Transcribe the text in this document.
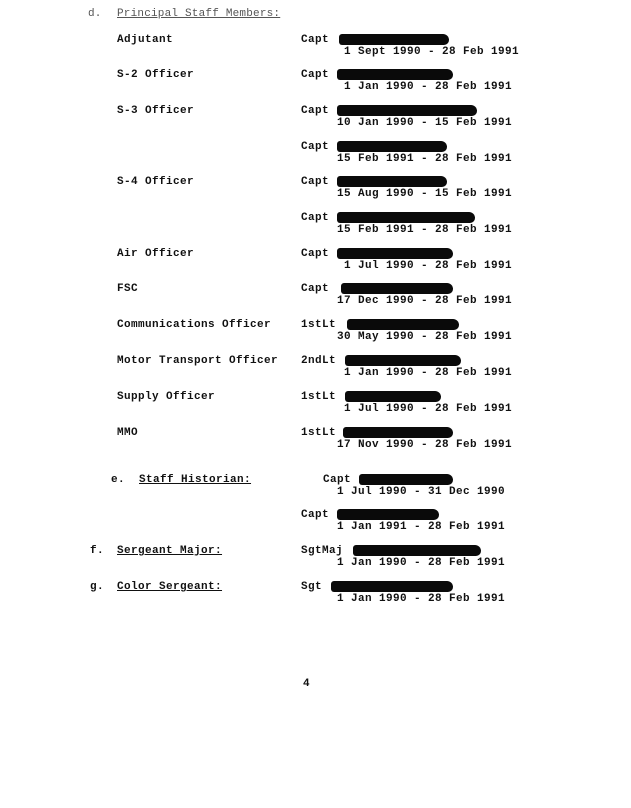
d. Principal Staff Members:
Adjutant	Capt
1 Sept 1990 - 28 Feb 1991
S-2 Officer	Capt
1 Jan 1990 - 28 Feb 1991
S-3 Officer	Capt
10 Jan 1990 - 15 Feb 1991
Capt
15 Feb 1991 - 28 Feb 1991
S-4 Officer	Capt
15 Aug 1990 - 15 Feb 1991
Capt
15 Feb 1991 - 28 Feb 1991
Air Officer	Capt
1 Jul 1990 - 28 Feb 1991
FSC	Capt
17 Dec 1990 - 28 Feb 1991
Communications Officer	1stLt
30 May 1990 - 28 Feb 1991
Motor Transport Officer 2ndLt
1 Jan 1990 - 28 Feb 1991
Supply Officer	1stLt
1 Jul 1990 - 28 Feb 1991
MMO	1stLt
17 Nov 1990 - 28 Feb 1991
e. Staff Historian:	Capt
1 Jul 1990 - 31 Dec 1990
Capt
1 Jan 1991 - 28 Feb 1991
f. Sergeant Major:	SgtMaj
1 Jan 1990 - 28 Feb 1991
g. Color Sergeant:	Sgt
1 Jan 1990 - 28 Feb 1991
4
